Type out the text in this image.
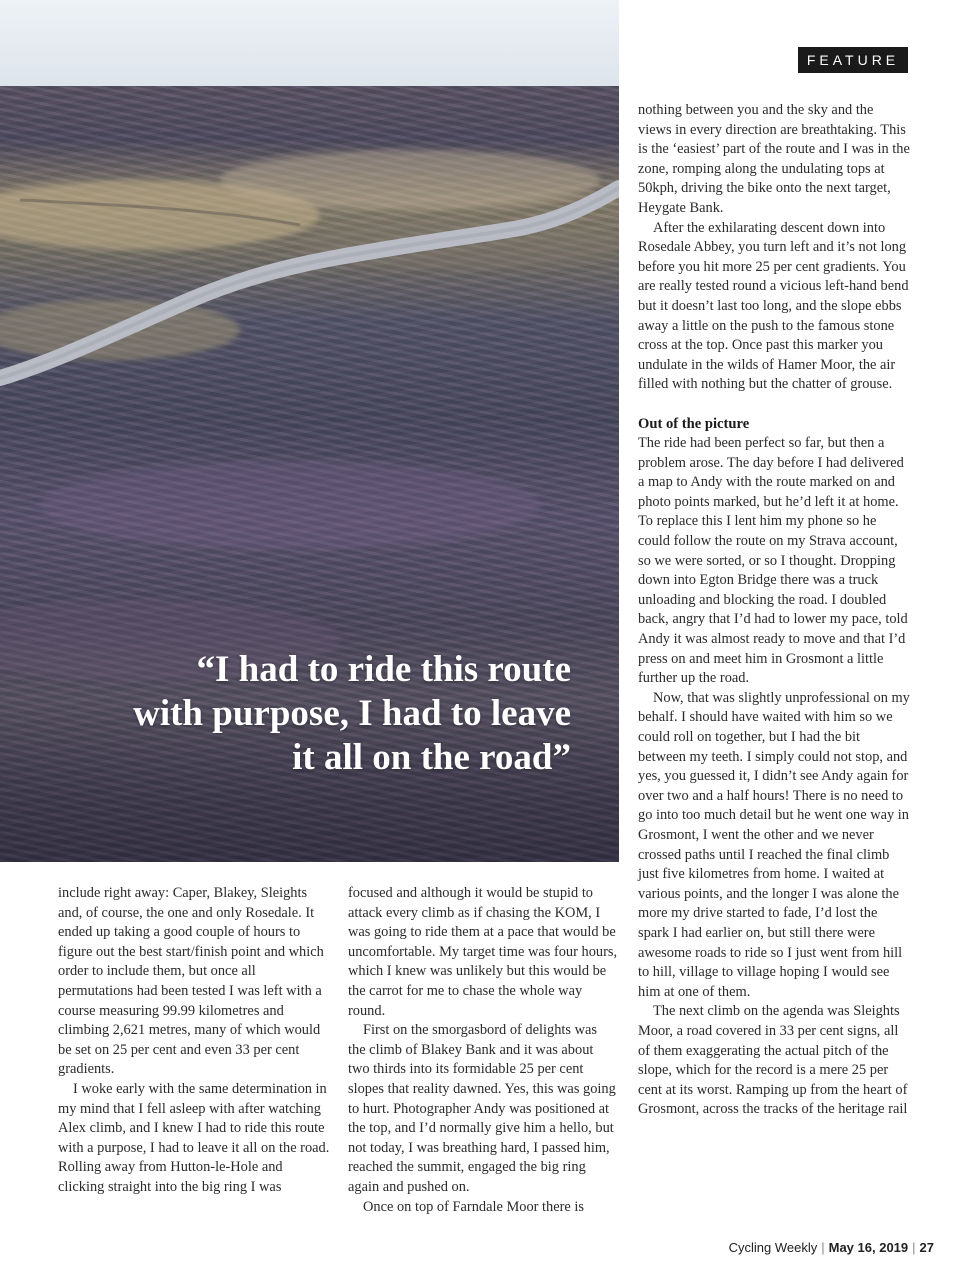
“I had to ride this route with purpose, I had to leave it all on the road”
FEATURE

include right away: Caper, Blakey, Sleights and, of course, the one and only Rosedale. It ended up taking a good couple of hours to figure out the best start/finish point and which order to include them, but once all permutations had been tested I was left with a course measuring 99.99 kilometres and climbing 2,621 metres, many of which would be set on 25 per cent and even 33 per cent gradients.

I woke early with the same determination in my mind that I fell asleep with after watching Alex climb, and I knew I had to ride this route with a purpose, I had to leave it all on the road. Rolling away from Hutton-le-Hole and clicking straight into the big ring I was

focused and although it would be stupid to attack every climb as if chasing the KOM, I was going to ride them at a pace that would be uncomfortable. My target time was four hours, which I knew was unlikely but this would be the carrot for me to chase the whole way round.

First on the smorgasbord of delights was the climb of Blakey Bank and it was about two thirds into its formidable 25 per cent slopes that reality dawned. Yes, this was going to hurt. Photographer Andy was positioned at the top, and I’d normally give him a hello, but not today, I was breathing hard, I passed him, reached the summit, engaged the big ring again and pushed on.

Once on top of Farndale Moor there is

nothing between you and the sky and the views in every direction are breathtaking. This is the ‘easiest’ part of the route and I was in the zone, romping along the undulating tops at 50kph, driving the bike onto the next target, Heygate Bank.

After the exhilarating descent down into Rosedale Abbey, you turn left and it’s not long before you hit more 25 per cent gradients. You are really tested round a vicious left-hand bend but it doesn’t last too long, and the slope ebbs away a little on the push to the famous stone cross at the top. Once past this marker you undulate in the wilds of Hamer Moor, the air filled with nothing but the chatter of grouse.

Out of the picture

The ride had been perfect so far, but then a problem arose. The day before I had delivered a map to Andy with the route marked on and photo points marked, but he’d left it at home. To replace this I lent him my phone so he could follow the route on my Strava account, so we were sorted, or so I thought. Dropping down into Egton Bridge there was a truck unloading and blocking the road. I doubled back, angry that I’d had to lower my pace, told Andy it was almost ready to move and that I’d press on and meet him in Grosmont a little further up the road.

Now, that was slightly unprofessional on my behalf. I should have waited with him so we could roll on together, but I had the bit between my teeth. I simply could not stop, and yes, you guessed it, I didn’t see Andy again for over two and a half hours! There is no need to go into too much detail but he went one way in Grosmont, I went the other and we never crossed paths until I reached the final climb just five kilometres from home. I waited at various points, and the longer I was alone the more my drive started to fade, I’d lost the spark I had earlier on, but still there were awesome roads to ride so I just went from hill to hill, village to village hoping I would see him at one of them.

The next climb on the agenda was Sleights Moor, a road covered in 33 per cent signs, all of them exaggerating the actual pitch of the slope, which for the record is a mere 25 per cent at its worst. Ramping up from the heart of Grosmont, across the tracks of the heritage rail

Cycling Weekly | May 16, 2019 | 27
